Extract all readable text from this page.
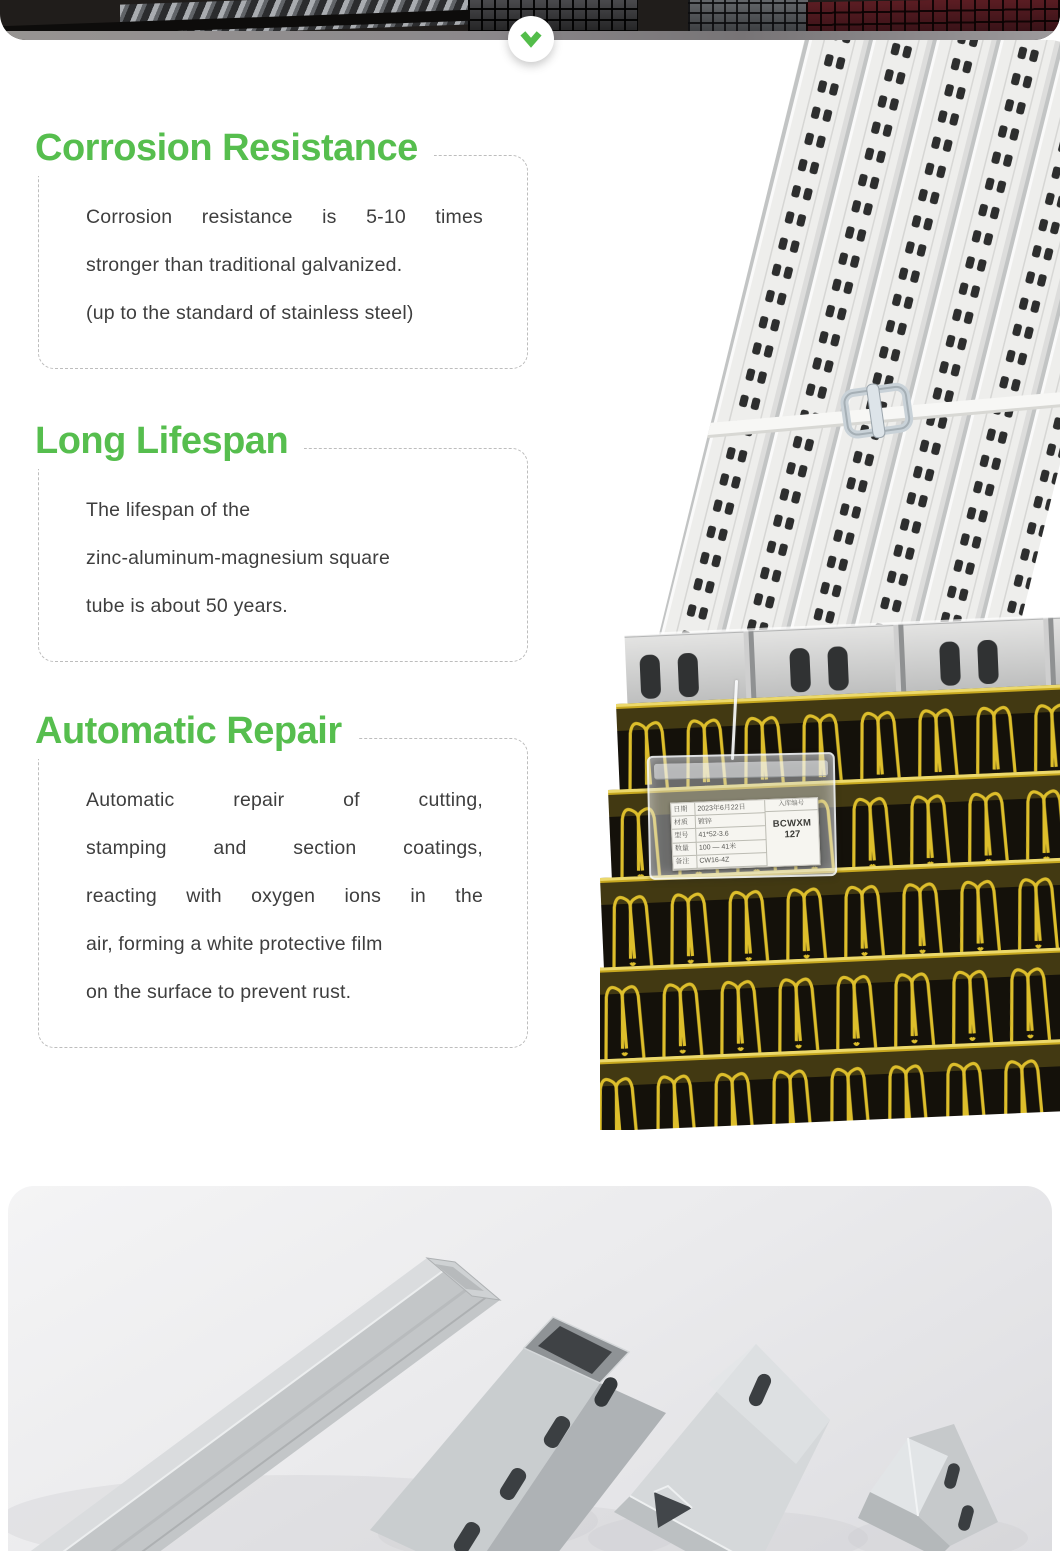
Corrosion Resistance
Corrosion resistance is 5-10 times
stronger than traditional galvanized.
(up to the standard of stainless steel)
Long Lifespan
The lifespan of the
zinc-aluminum-magnesium square
tube is about 50 years.
Automatic Repair
Automatic repair of cutting,
stamping and section coatings,
reacting with oxygen ions in the
air, forming a white protective film
on the surface to prevent rust.
入库编号
BCWXM
127
日期	2023年6月22日
材质	镀锌
型号	41*52-3.6
数量	100 — 41米
备注	CW16-4Z
